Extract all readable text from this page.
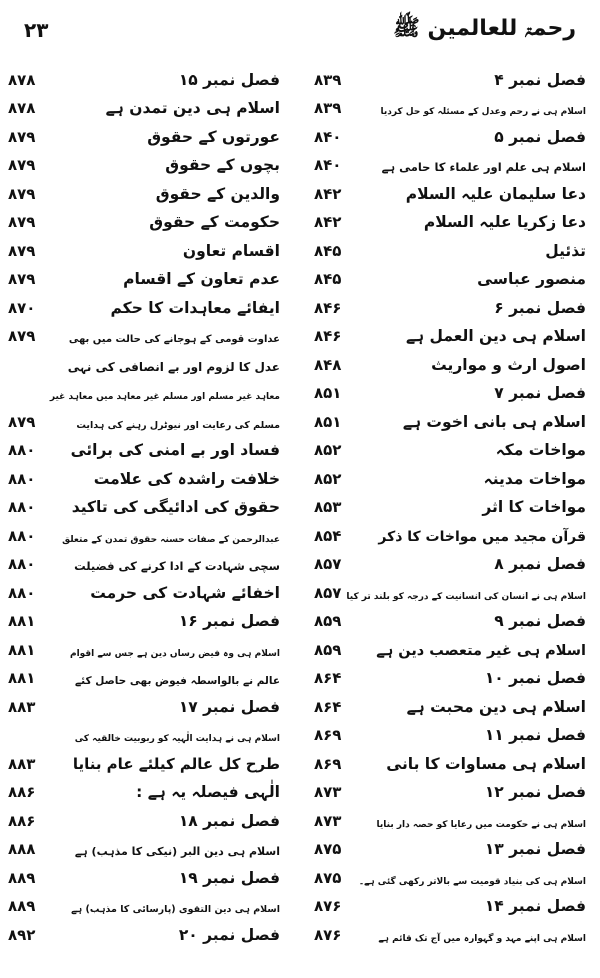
۲۳	رحمۃ للعالمین ﷺ
فصل نمبر ۴
۸۳۹
اسلام ہی نے رحم وعدل کے مسئلہ کو حل کردیا
۸۳۹
فصل نمبر ۵
۸۴۰
اسلام ہی علم اور علماء کا حامی ہے
۸۴۰
دعا سلیمان علیہ السلام
۸۴۲
دعا زکریا علیہ السلام
۸۴۲
تذئیل
۸۴۵
منصور عباسی
۸۴۵
فصل نمبر ۶
۸۴۶
اسلام ہی دین العمل ہے
۸۴۶
اصول ارث و مواریث
۸۴۸
فصل نمبر ۷
۸۵۱
اسلام ہی بانی اخوت ہے
۸۵۱
مواخات مکہ
۸۵۲
مواخات مدینہ
۸۵۲
مواخات کا اثر
۸۵۳
قرآن مجید میں مواخات کا ذکر
۸۵۴
فصل نمبر ۸
۸۵۷
اسلام ہی نے انسان کی انسانیت کے درجہ کو بلند تر کیا
۸۵۷
فصل نمبر ۹
۸۵۹
اسلام ہی غیر متعصب دین ہے
۸۵۹
فصل نمبر ۱۰
۸۶۴
اسلام ہی دین محبت ہے
۸۶۴
فصل نمبر ۱۱
۸۶۹
اسلام ہی مساوات کا بانی
۸۶۹
فصل نمبر ۱۲
۸۷۳
اسلام ہی نے حکومت میں رعایا کو حصہ دار بنایا
۸۷۳
فصل نمبر ۱۳
۸۷۵
اسلام ہی کی بنیاد قومیت سے بالاتر رکھی گئی ہے۔
۸۷۵
فصل نمبر ۱۴
۸۷۶
اسلام ہی اپنے مہد و گہوارہ میں آج تک قائم ہے
۸۷۶
فصل نمبر ۱۵
۸۷۸
اسلام ہی دین تمدن ہے
۸۷۸
عورتوں کے حقوق
۸۷۹
بچوں کے حقوق
۸۷۹
والدین کے حقوق
۸۷۹
حکومت کے حقوق
۸۷۹
اقسام تعاون
۸۷۹
عدم تعاون کے اقسام
۸۷۹
ایفائے معاہدات کا حکم
۸۷۰
عداوت قومی کے ہوجانے کی حالت میں بھی
۸۷۹
عدل کا لزوم اور بے انصافی کی نہی
معاہد غیر مسلم اور مسلم غیر معاہد میں معاہد غیر
مسلم کی رعایت اور نیوٹرل رہنے کی ہدایت
۸۷۹
فساد اور بے امنی کی برائی
۸۸۰
خلافت راشدہ کی علامت
۸۸۰
حقوق کی ادائیگی کی تاکید
۸۸۰
عبدالرحمن کے صفات حسنہ حقوق تمدن کے متعلق
۸۸۰
سچی شہادت کے ادا کرنے کی فضیلت
۸۸۰
اخفائے شہادت کی حرمت
۸۸۰
فصل نمبر ۱۶
۸۸۱
اسلام ہی وہ فیض رساں دین ہے جس سے اقوام
۸۸۱
عالم نے بالواسطہ فیوض بھی حاصل کئے
۸۸۱
فصل نمبر ۱۷
۸۸۳
اسلام ہی نے ہدایت الٰہیہ کو ربوبیت خالقیہ کی
طرح کل عالم کیلئے عام بنایا
۸۸۳
الٰہی فیصلہ یہ ہے :
۸۸۶
فصل نمبر ۱۸
۸۸۶
اسلام ہی دین البر (نیکی کا مذہب) ہے
۸۸۸
فصل نمبر ۱۹
۸۸۹
اسلام ہی دین التقوی (پارسائی کا مذہب) ہے
۸۸۹
فصل نمبر ۲۰
۸۹۲
